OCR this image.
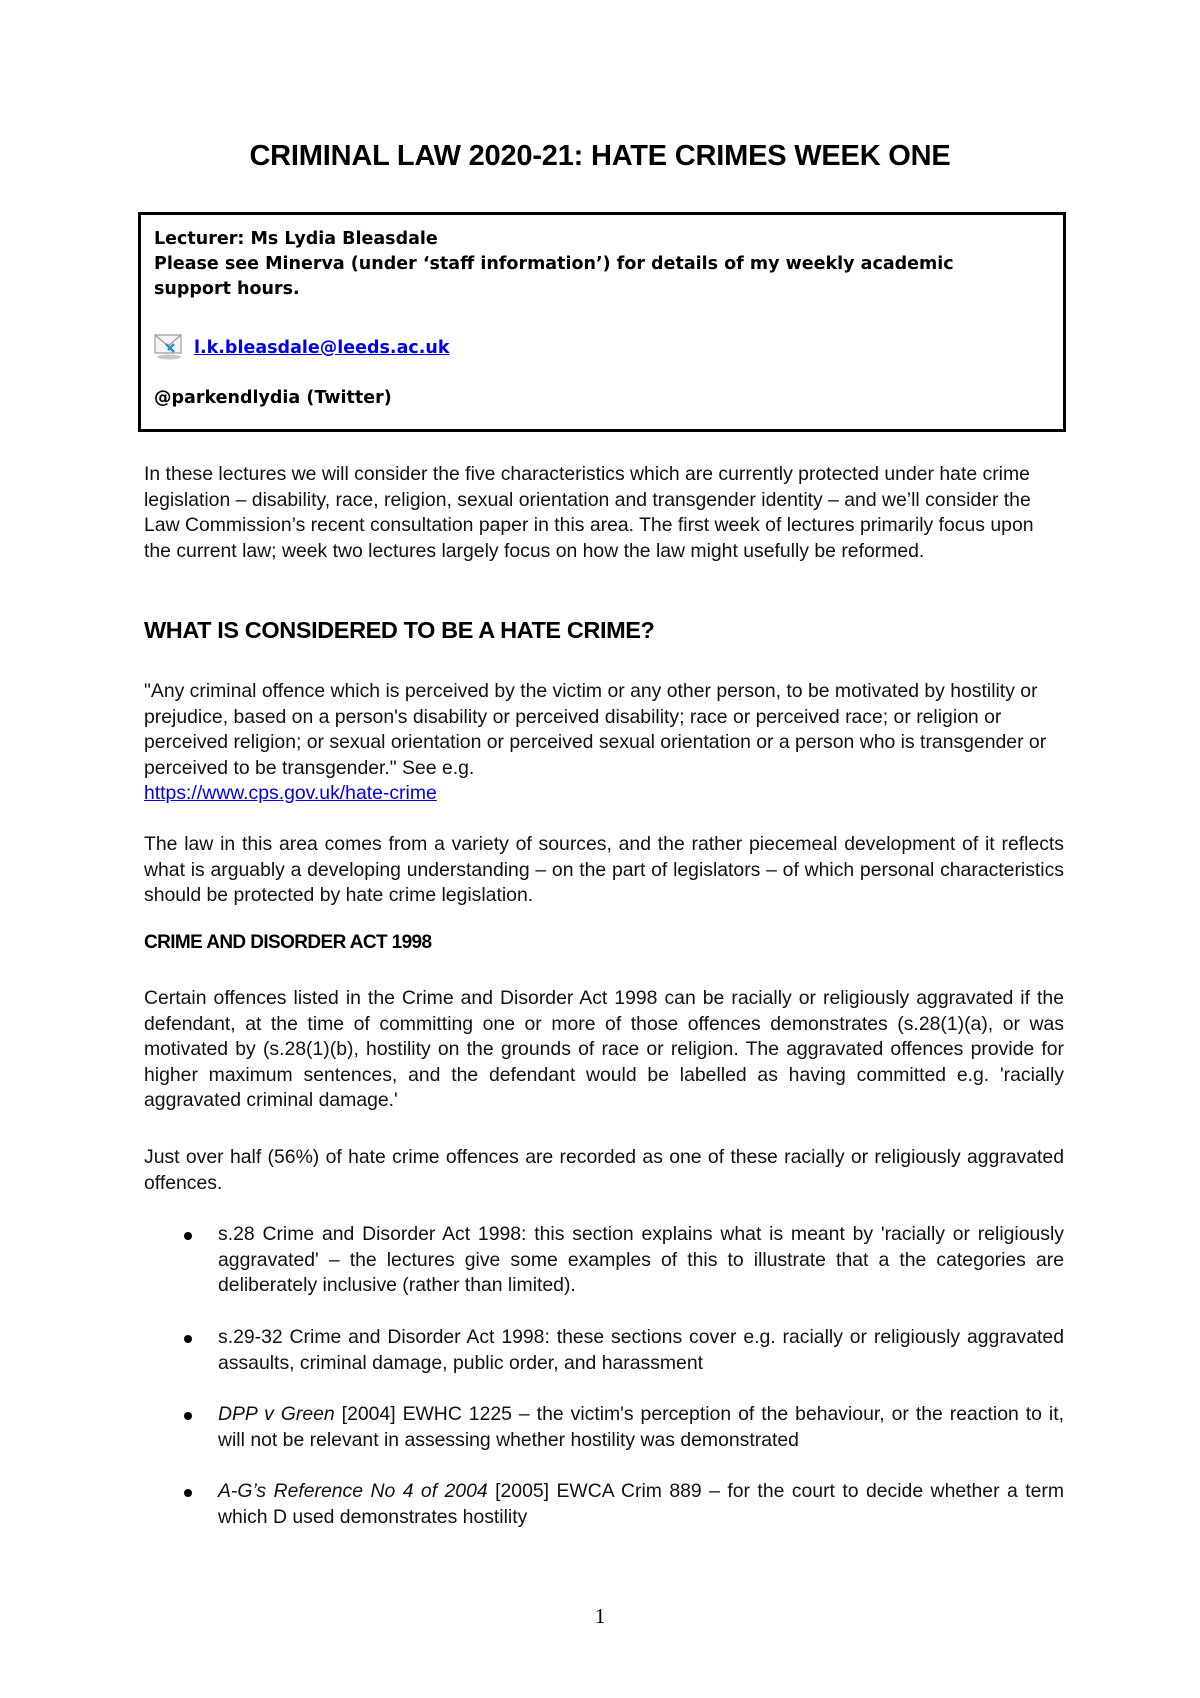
CRIMINAL LAW 2020-21: HATE CRIMES WEEK ONE
Lecturer: Ms Lydia Bleasdale
Please see Minerva (under ‘staff information’) for details of my weekly academic
support hours.
l.k.bleasdale@leeds.ac.uk
@parkendlydia (Twitter)
In these lectures we will consider the five characteristics which are currently protected under hate crime legislation – disability, race, religion, sexual orientation and transgender identity – and we’ll consider the Law Commission’s recent consultation paper in this area. The first week of lectures primarily focus upon the current law; week two lectures largely focus on how the law might usefully be reformed.
WHAT IS CONSIDERED TO BE A HATE CRIME?
"Any criminal offence which is perceived by the victim or any other person, to be motivated by hostility or prejudice, based on a person's disability or perceived disability; race or perceived race; or religion or perceived religion; or sexual orientation or perceived sexual orientation or a person who is transgender or perceived to be transgender." See e.g.
https://www.cps.gov.uk/hate-crime
The law in this area comes from a variety of sources, and the rather piecemeal development of it reflects what is arguably a developing understanding – on the part of legislators – of which personal characteristics should be protected by hate crime legislation.
CRIME AND DISORDER ACT 1998
Certain offences listed in the Crime and Disorder Act 1998 can be racially or religiously aggravated if the defendant, at the time of committing one or more of those offences demonstrates (s.28(1)(a), or was motivated by (s.28(1)(b), hostility on the grounds of race or religion. The aggravated offences provide for higher maximum sentences, and the defendant would be labelled as having committed e.g. 'racially aggravated criminal damage.'
Just over half (56%) of hate crime offences are recorded as one of these racially or religiously aggravated offences.
s.28 Crime and Disorder Act 1998: this section explains what is meant by 'racially or religiously aggravated' – the lectures give some examples of this to illustrate that a the categories are deliberately inclusive (rather than limited).
s.29-32 Crime and Disorder Act 1998: these sections cover e.g. racially or religiously aggravated assaults, criminal damage, public order, and harassment
DPP v Green [2004] EWHC 1225 – the victim's perception of the behaviour, or the reaction to it, will not be relevant in assessing whether hostility was demonstrated
A-G’s Reference No 4 of 2004 [2005] EWCA Crim 889 – for the court to decide whether a term which D used demonstrates hostility
1
